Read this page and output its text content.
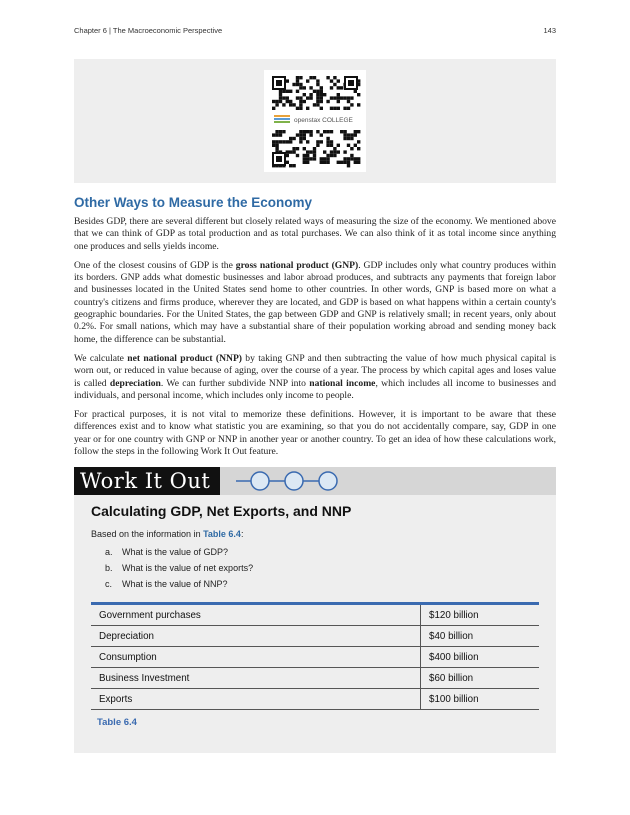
Chapter 6 | The Macroeconomic Perspective	143
openstax COLLEGE
Other Ways to Measure the Economy

Besides GDP, there are several different but closely related ways of measuring the size of the economy. We mentioned above that we can think of GDP as total production and as total purchases. We can also think of it as total income since anything one produces and sells yields income.

One of the closest cousins of GDP is the gross national product (GNP). GDP includes only what country produces within its borders. GNP adds what domestic businesses and labor abroad produces, and subtracts any payments that foreign labor and businesses located in the United States send home to other countries. In other words, GNP is based more on what a country's citizens and firms produce, wherever they are located, and GDP is based on what happens within a certain county's geographic boundaries. For the United States, the gap between GDP and GNP is relatively small; in recent years, only about 0.2%. For small nations, which may have a substantial share of their population working abroad and sending money back home, the difference can be substantial.

We calculate net national product (NNP) by taking GNP and then subtracting the value of how much physical capital is worn out, or reduced in value because of aging, over the course of a year. The process by which capital ages and loses value is called depreciation. We can further subdivide NNP into national income, which includes all income to businesses and individuals, and personal income, which includes only income to people.

For practical purposes, it is not vital to memorize these definitions. However, it is important to be aware that these differences exist and to know what statistic you are examining, so that you do not accidentally compare, say, GDP in one year or for one country with GNP or NNP in another year or another country. To get an idea of how these calculations work, follow the steps in the following Work It Out feature.

Work It Out
Calculating GDP, Net Exports, and NNP
Based on the information in Table 6.4:
a. What is the value of GDP?
b. What is the value of net exports?
c. What is the value of NNP?
Government purchases	$120 billion
Depreciation	$40 billion
Consumption	$400 billion
Business Investment	$60 billion
Exports	$100 billion
Table 6.4
